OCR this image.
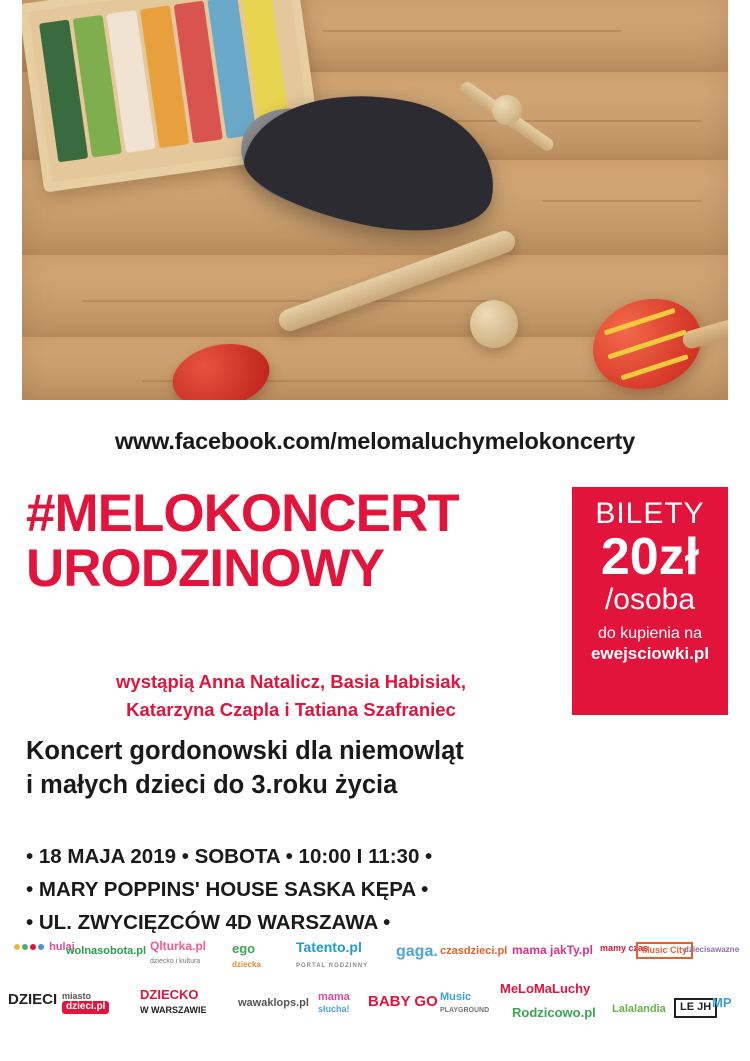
www.facebook.com/melomaluchymelokoncerty
#MELOKONCERT
URODZINOWY
BILETY
20zł
/osoba
do kupienia na
ewejsciowki.pl
wystąpią Anna Natalicz, Basia Habisiak,
Katarzyna Czapla i Tatiana Szafraniec
Koncert gordonowski dla niemowląt
i małych dzieci do 3.roku życia
• 18 MAJA 2019 • SOBOTA • 10:00 I 11:30 •
• MARY POPPINS' HOUSE SASKA KĘPA •
• UL. ZWYCIĘZCÓW 4D WARSZAWA •
hulaj
wolnasobota.pl Qlturka.pl
dziecko i kultura
ego
dziecka
Tatento.pl
PORTAL RODZINNY
gaga. czasdzieci.pl mama jakTy.pl mamy czas
Music City
dziecisawazne
DZIECI miasto
dzieci.pl
DZIECKO
W WARSZAWIE
wawaklops.pl mama
słucha! BABY GO Music
PLAYGROUND
MeLoMaLuchy
Rodzicowo.pl Lalalandia	LE JH MP
